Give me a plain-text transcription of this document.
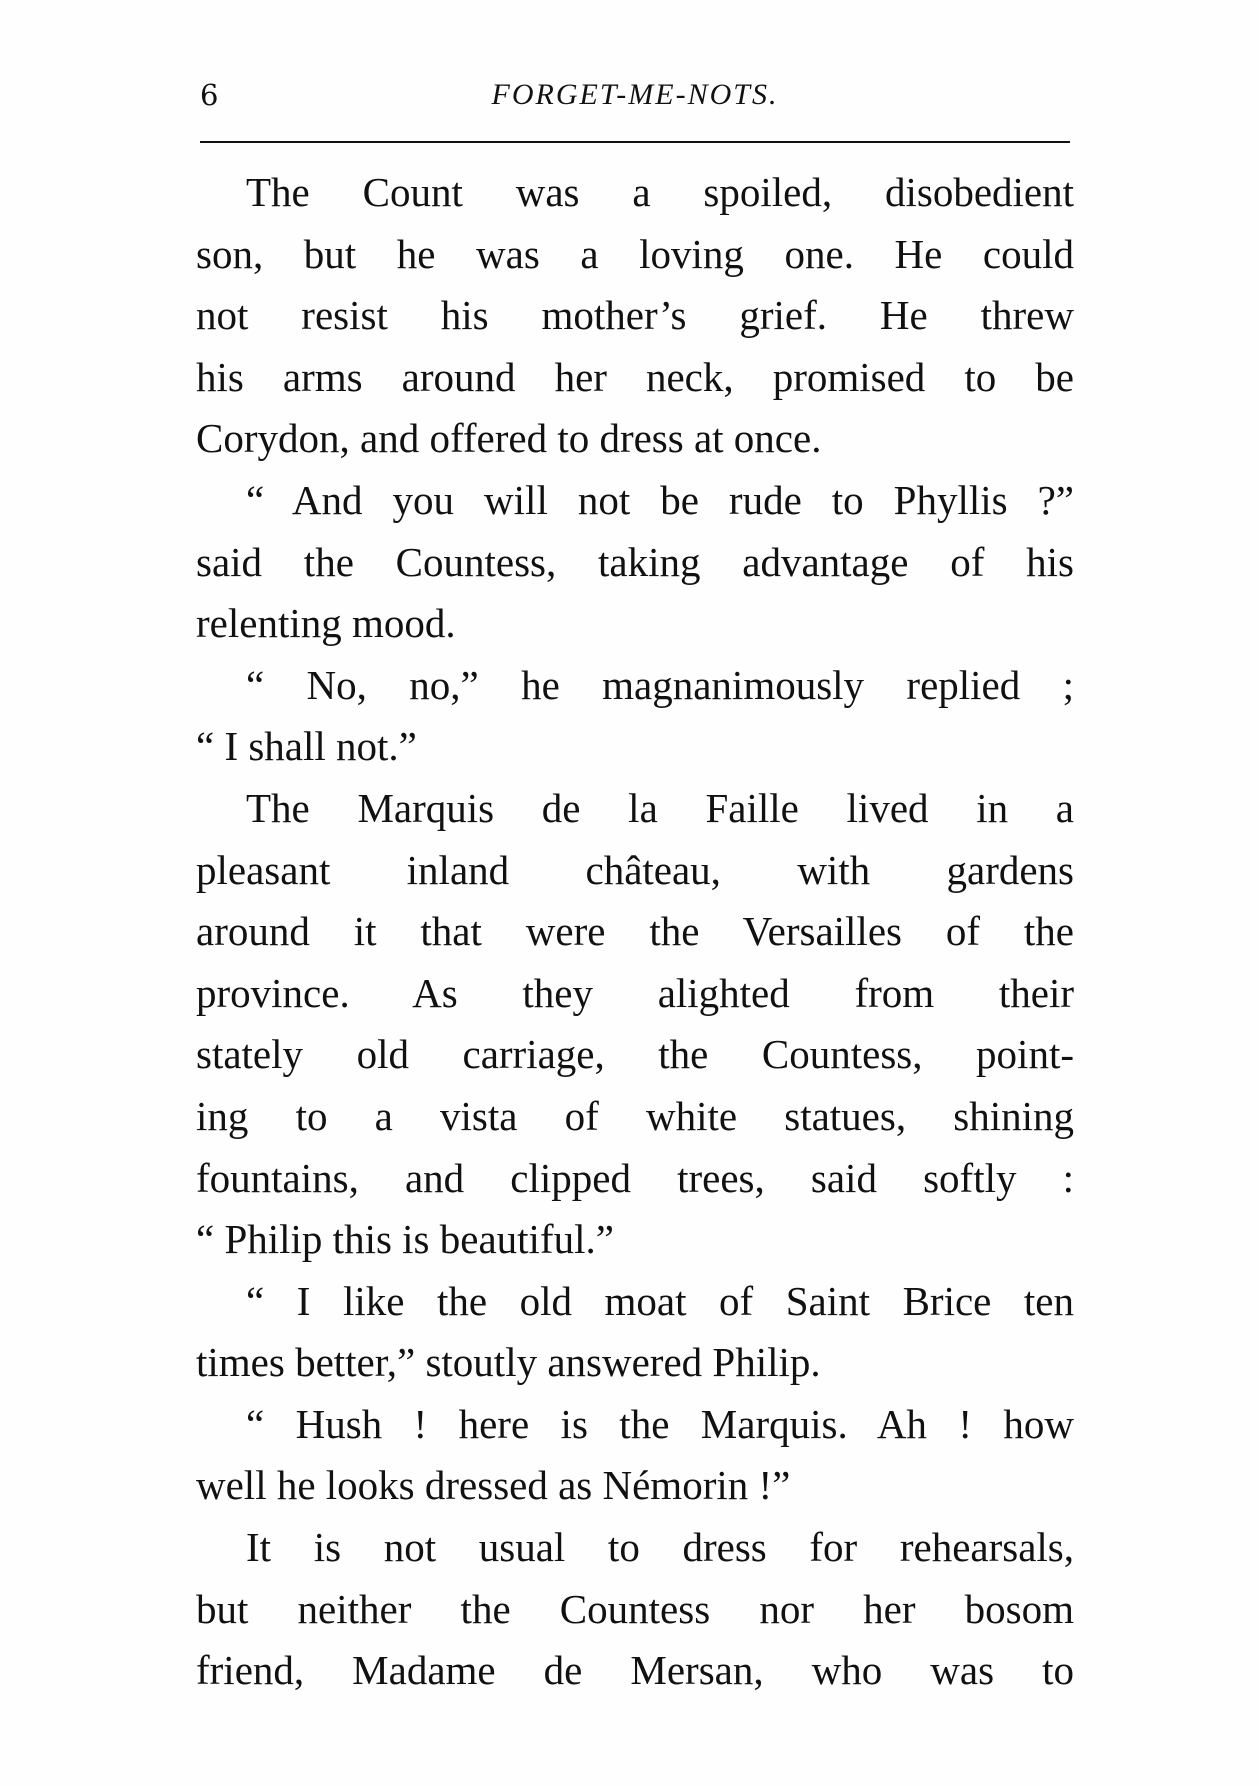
6	FORGET-ME-NOTS.
The Count was a spoiled, disobedient
son, but he was a loving one. He could
not resist his mother’s grief. He threw
his arms around her neck, promised to be
Corydon, and offered to dress at once.
“ And you will not be rude to Phyllis ?”
said the Countess, taking advantage of his
relenting mood.
“ No, no,” he magnanimously replied ;
“ I shall not.”
The Marquis de la Faille lived in a
pleasant inland château, with gardens
around it that were the Versailles of the
province. As they alighted from their
stately old carriage, the Countess, point-
ing to a vista of white statues, shining
fountains, and clipped trees, said softly :
“ Philip this is beautiful.”
“ I like the old moat of Saint Brice ten
times better,” stoutly answered Philip.
“ Hush ! here is the Marquis. Ah ! how
well he looks dressed as Némorin !”
It is not usual to dress for rehearsals,
but neither the Countess nor her bosom
friend, Madame de Mersan, who was to
